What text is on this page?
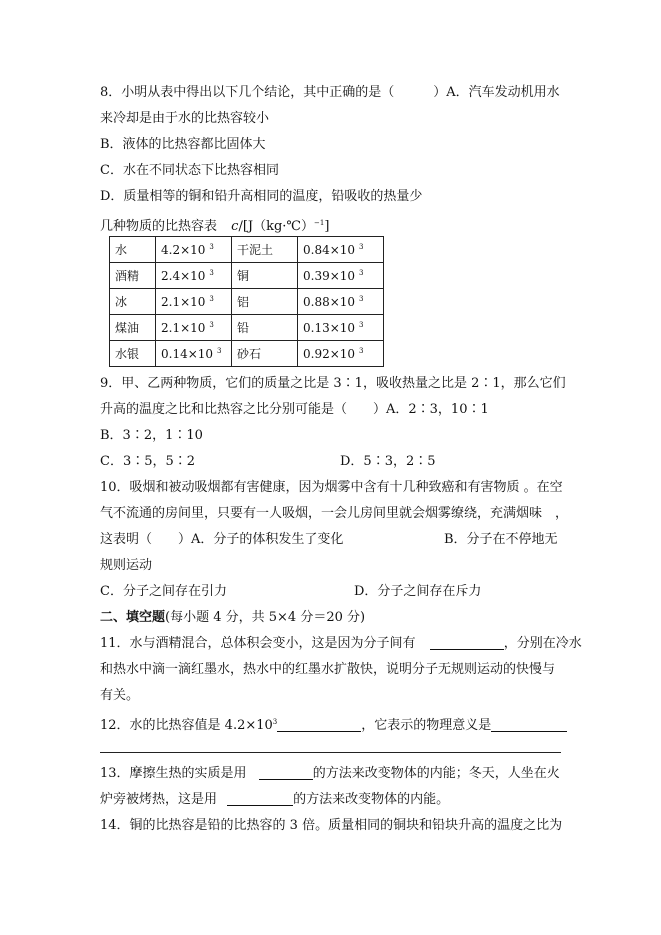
8．小明从表中得出以下几个结论，其中正确的是（　　　）A．汽车发动机用水
来冷却是由于水的比热容较小
B．液体的比热容都比固体大
C．水在不同状态下比热容相同
D．质量相等的铜和铅升高相同的温度，铅吸收的热量少
几种物质的比热容表 c/[J（kg·℃）$^{-1}$]
水	4.2×10 $^3$	干泥土	0.84×10 $^3$
酒精	2.4×10 $^3$	铜	0.39×10 $^3$
冰	2.1×10 $^3$	铝	0.88×10 $^3$
煤油	2.1×10 $^3$	铅	0.13×10 $^3$
水银	0.14×10 $^3$	砂石	0.92×10 $^3$
9．甲、乙两种物质，它们的质量之比是 3∶1，吸收热量之比是 2∶1，那么它们
升高的温度之比和比热容之比分别可能是（　　）A．2∶3，10∶1
B．3∶2，1∶10
C．3∶5，5∶2	D．5∶3，2∶5
10．吸烟和被动吸烟都有害健康，因为烟雾中含有十几种致癌和有害物质 。在空
气不流通的房间里，只要有一人吸烟，一会儿房间里就会烟雾缭绕，充满烟味　，
这表明（　　）A．分子的体积发生了变化	B．分子在不停地无
规则运动
C．分子之间存在引力	D．分子之间存在斥力
二、填空题(每小题 4 分，共 5×4 分＝20 分)
11．水与酒精混合，总体积会变小，这是因为分子间有	，分别在冷水
和热水中滴一滴红墨水，热水中的红墨水扩散快，说明分子无规则运动的快慢与
有关。
12．水的比热容值是 $4.2\times 10^3$	，它表示的物理意义是
13．摩擦生热的实质是用	的方法来改变物体的内能；冬天，人坐在火
炉旁被烤热，这是用	的方法来改变物体的内能。
14．铜的比热容是铅的比热容的 3 倍。质量相同的铜块和铅块升高的温度之比为
